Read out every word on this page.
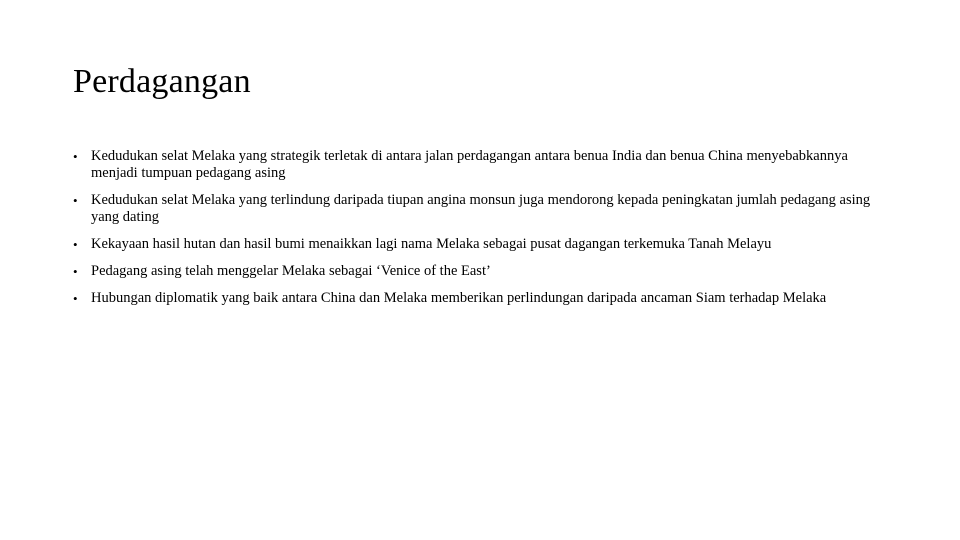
Perdagangan
• Kedudukan selat Melaka yang strategik terletak di antara jalan perdagangan antara benua India dan benua China menyebabkannya menjadi tumpuan pedagang asing
• Kedudukan selat Melaka yang terlindung daripada tiupan angina monsun juga mendorong kepada peningkatan jumlah pedagang asing yang dating
• Kekayaan hasil hutan dan hasil bumi menaikkan lagi nama Melaka sebagai pusat dagangan terkemuka Tanah Melayu
• Pedagang asing telah menggelar Melaka sebagai ‘Venice of the East’
• Hubungan diplomatik yang baik antara China dan Melaka memberikan perlindungan daripada ancaman Siam terhadap Melaka
